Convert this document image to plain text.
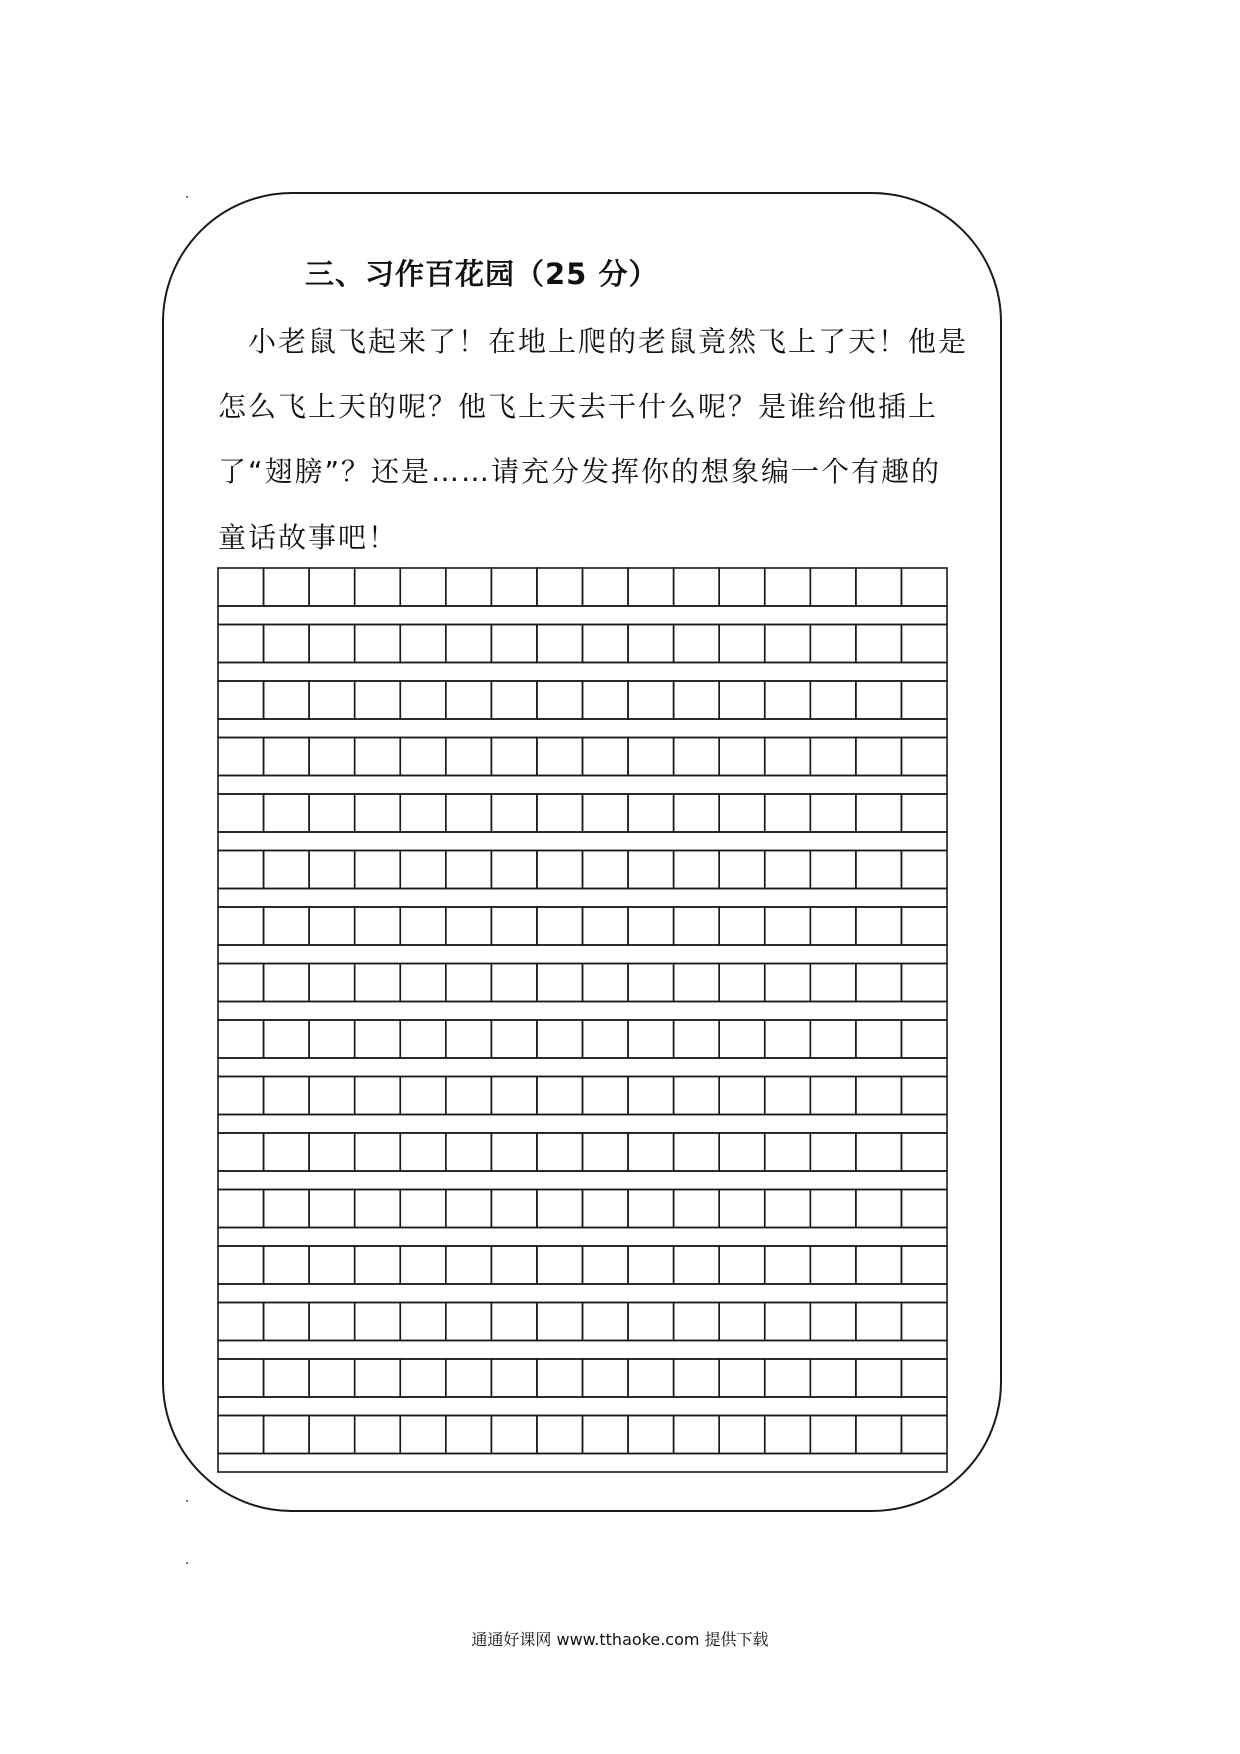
三、习作百花园（25 分）
小老鼠飞起来了！在地上爬的老鼠竟然飞上了天！他是
怎么飞上天的呢？他飞上天去干什么呢？是谁给他插上
了“翅膀”？还是……请充分发挥你的想象编一个有趣的
童话故事吧！
通通好课网 www.tthaoke.com 提供下载
